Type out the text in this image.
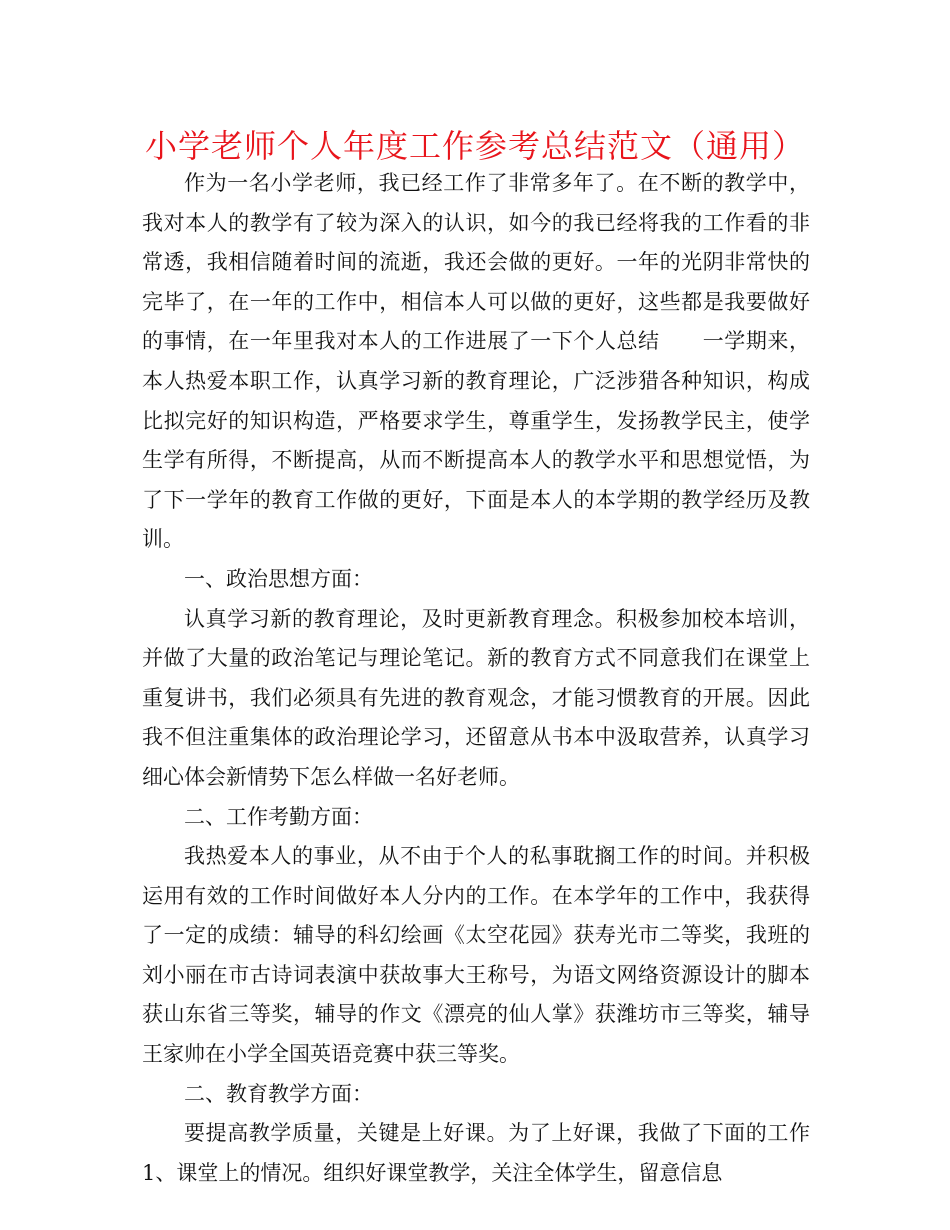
小学老师个人年度工作参考总结范文（通用）

作为一名小学老师，我已经工作了非常多年了。在不断的教学中，我对本人的教学有了较为深入的认识，如今的我已经将我的工作看的非常透，我相信随着时间的流逝，我还会做的更好。一年的光阴非常快的完毕了，在一年的工作中，相信本人可以做的更好，这些都是我要做好的事情，在一年里我对本人的工作进展了一下个人总结　　一学期来，本人热爱本职工作，认真学习新的教育理论，广泛涉猎各种知识，构成比拟完好的知识构造，严格要求学生，尊重学生，发扬教学民主，使学生学有所得，不断提高，从而不断提高本人的教学水平和思想觉悟，为了下一学年的教育工作做的更好，下面是本人的本学期的教学经历及教训。

一、政治思想方面：

认真学习新的教育理论，及时更新教育理念。积极参加校本培训，并做了大量的政治笔记与理论笔记。新的教育方式不同意我们在课堂上重复讲书，我们必须具有先进的教育观念，才能习惯教育的开展。因此我不但注重集体的政治理论学习，还留意从书本中汲取营养，认真学习细心体会新情势下怎么样做一名好老师。

二、工作考勤方面：

我热爱本人的事业，从不由于个人的私事耽搁工作的时间。并积极运用有效的工作时间做好本人分内的工作。在本学年的工作中，我获得了一定的成绩：辅导的科幻绘画《太空花园》获寿光市二等奖，我班的刘小丽在市古诗词表演中获故事大王称号，为语文网络资源设计的脚本获山东省三等奖，辅导的作文《漂亮的仙人掌》获潍坊市三等奖，辅导王家帅在小学全国英语竞赛中获三等奖。

二、教育教学方面：

要提高教学质量，关键是上好课。为了上好课，我做了下面的工作　　1、课堂上的情况。组织好课堂教学，关注全体学生，留意信息
